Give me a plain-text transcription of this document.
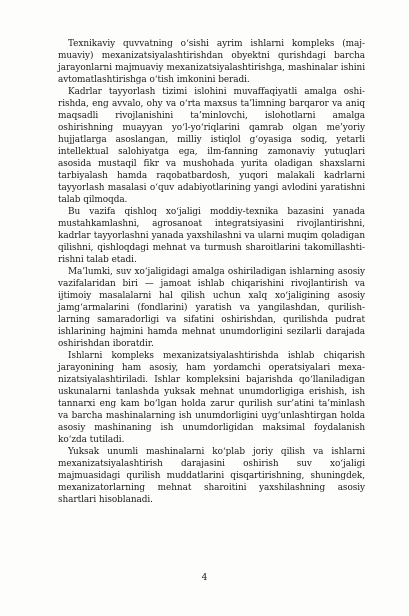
Texnikaviy quvvatning o‘sishi ayrim ishlarni kompleks (majmuaviy) mexanizatsiyalashtirishdan obyektni qurishdagi barcha jarayonlarni majmuaviy mexanizatsiyalashtirishga, mashinalar ishini avtomatlashtirishga o‘tish imkonini beradi.

Kadrlar tayyorlash tizimi islohini muvaffaqiyatli amalga oshirishda, eng avvalo, ohy va o‘rta maxsus ta’limning barqaror va aniq maqsadli rivojlanishini ta’minlovchi, islohotlarni amalga oshirishning muayyan yo‘l-yo‘riqlarini qamrab olgan me’yoriy hujjatlarga asoslangan, milliy istiqlol g‘oyasiga sodiq, yetarli intellektual salohiyatga ega, ilm-fanning zamonaviy yutuqlari asosida mustaqil fikr va mushohada yurita oladigan shaxslarni tarbiyalash hamda raqobatbardosh, yuqori malakali kadrlarni tayyorlash masalasi o‘quv adabiyotlarining yangi avlodini yaratishni talab qilmoqda.

Bu vazifa qishloq xo‘jaligi moddiy-texnika bazasini yanada mustahkamlashni, agrosanoat integratsiyasini rivojlantirishni, kadrlar tayyorlashni yanada yaxshilashni va ularni muqim qoladigan qilishni, qishloqdagi mehnat va turmush sharoitlarini takomillashtirishni talab etadi.

Ma’lumki, suv xo‘jaligidagi amalga oshiriladigan ishlarning asosiy vazifalaridan biri — jamoat ishlab chiqarishini rivojlantirish va ijtimoiy masalalarni hal qilish uchun xalq xo‘jaligining asosiy jamg‘armalarini (fondlarini) yaratish va yangilashdan, qurilishlarning samaradorligi va sifatini oshirishdan, qurilishda pudrat ishlarining hajmini hamda mehnat unumdorligini sezilarli darajada oshirishdan iboratdir.

Ishlarni kompleks mexanizatsiyalashtirishda ishlab chiqarish jarayonining ham asosiy, ham yordamchi operatsiyalari mexanizatsiyalashtiriladi. Ishlar kompleksini bajarishda qo‘llaniladigan uskunalarni tanlashda yuksak mehnat unumdorligiga erishish, ish tannarxi eng kam bo‘lgan holda zarur qurilish sur’atini ta’minlash va barcha mashinalarning ish unumdorligini uyg‘unlashtirgan holda asosiy mashinaning ish unumdorligidan maksimal foydalanish ko‘zda tutiladi.

Yuksak unumli mashinalarni ko‘plab joriy qilish va ishlarni mexanizatsiyalashtirish darajasini oshirish suv xo‘jaligi majmuasidagi qurilish muddatlarini qisqartirishning, shuningdek, mexanizatorlarning mehnat sharoitini yaxshilashning asosiy shartlari hisoblanadi.

4
